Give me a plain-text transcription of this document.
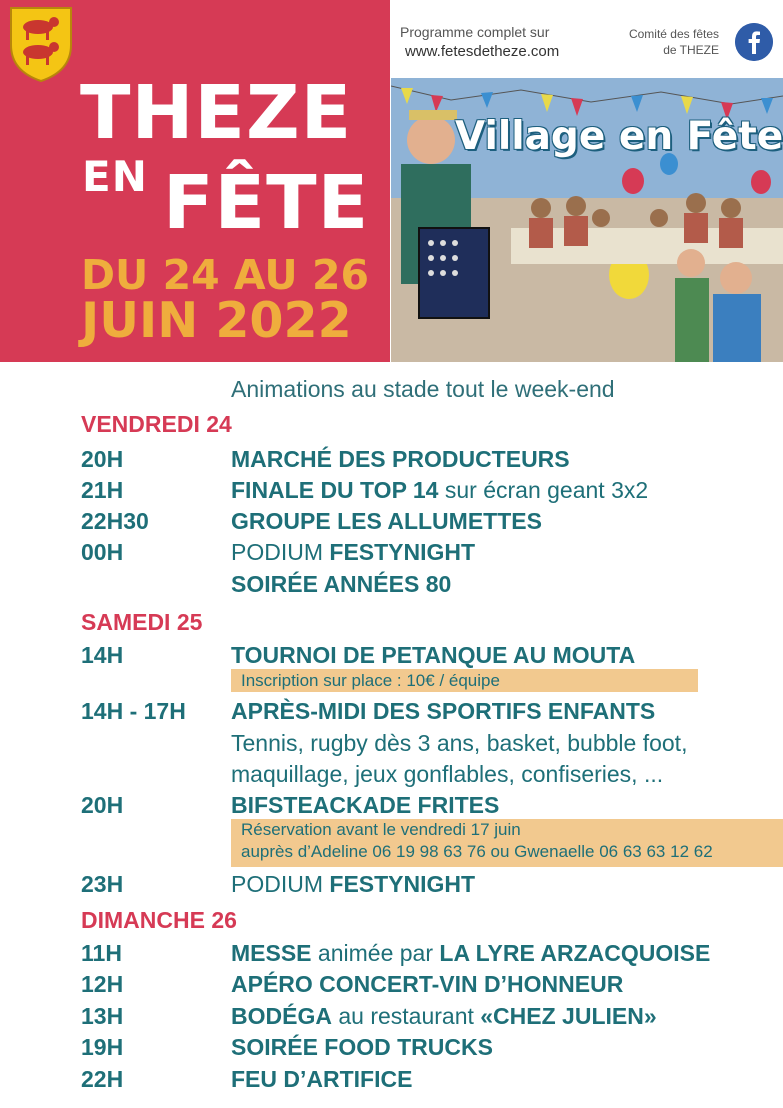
THEZE
EN FÊTE
DU 24 AU 26
JUIN 2022
Programme complet sur
www.fetesdetheze.com
Comité des fêtes
de THEZE
Village en Fête
Animations au stade tout le week-end
VENDREDI 24
20H	MARCHÉ DES PRODUCTEURS
21H	FINALE DU TOP 14 sur écran geant 3x2
22H30	GROUPE LES ALLUMETTES
00H	PODIUM FESTYNIGHT
SOIRÉE ANNÉES 80
SAMEDI 25
14H	TOURNOI DE PETANQUE AU MOUTA
Inscription sur place : 10€ / équipe
14H - 17H APRÈS-MIDI DES SPORTIFS ENFANTS
Tennis, rugby dès 3 ans, basket, bubble foot,
maquillage, jeux gonflables, confiseries, ...
20H	BIFSTEACKADE FRITES
Réservation avant le vendredi 17 juin
auprès d’Adeline 06 19 98 63 76 ou Gwenaelle 06 63 63 12 62
23H	PODIUM FESTYNIGHT
DIMANCHE 26
11H	MESSE animée par LA LYRE ARZACQUOISE
12H	APÉRO CONCERT-VIN D’HONNEUR
13H	BODÉGA au restaurant «CHEZ JULIEN»
19H	SOIRÉE FOOD TRUCKS
22H	FEU D’ARTIFICE
